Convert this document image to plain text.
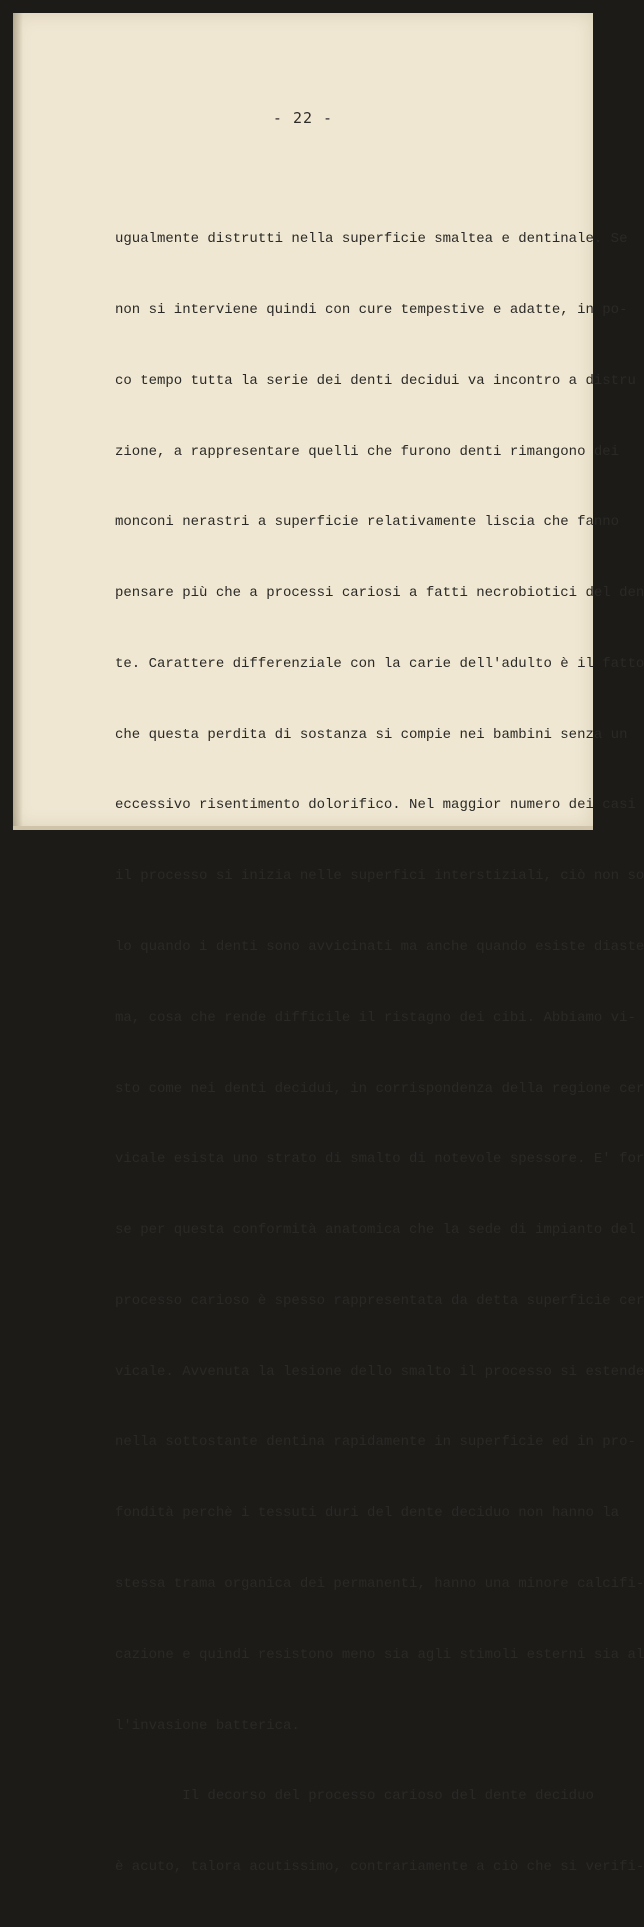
- 22 -

ugualmente distrutti nella superficie smaltea e dentinale. Se

non si interviene quindi con cure tempestive e adatte, in po-

co tempo tutta la serie dei denti decidui va incontro a distru

zione, a rappresentare quelli che furono denti rimangono dei

monconi nerastri a superficie relativamente liscia che fanno

pensare più che a processi cariosi a fatti necrobiotici del den

te. Carattere differenziale con la carie dell'adulto è il fatto

che questa perdita di sostanza si compie nei bambini senza un

eccessivo risentimento dolorifico. Nel maggior numero dei casi

il processo si inizia nelle superfici interstiziali, ciò non so

lo quando i denti sono avvicinati ma anche quando esiste diaste

ma, cosa che rende difficile il ristagno dei cibi. Abbiamo vi-

sto come nei denti decidui, in corrispondenza della regione cer

vicale esista uno strato di smalto di notevole spessore. E' for

se per questa conformità anatomica che la sede di impianto del

processo carioso è spesso rappresentata da detta superficie cer

vicale. Avvenuta la lesione dello smalto il processo si estende

nella sottostante dentina rapidamente in superficie ed in pro-

fondità perchè i tessuti duri del dente deciduo non hanno la

stessa trama organica dei permanenti, hanno una minore calcifi-

cazione e quindi resistono meno sia agli stimoli esterni sia al

l'invasione batterica.

Il decorso del processo carioso del dente deciduo

è acuto, talora acutissimo, contrariamente a ciò che si verifi-
